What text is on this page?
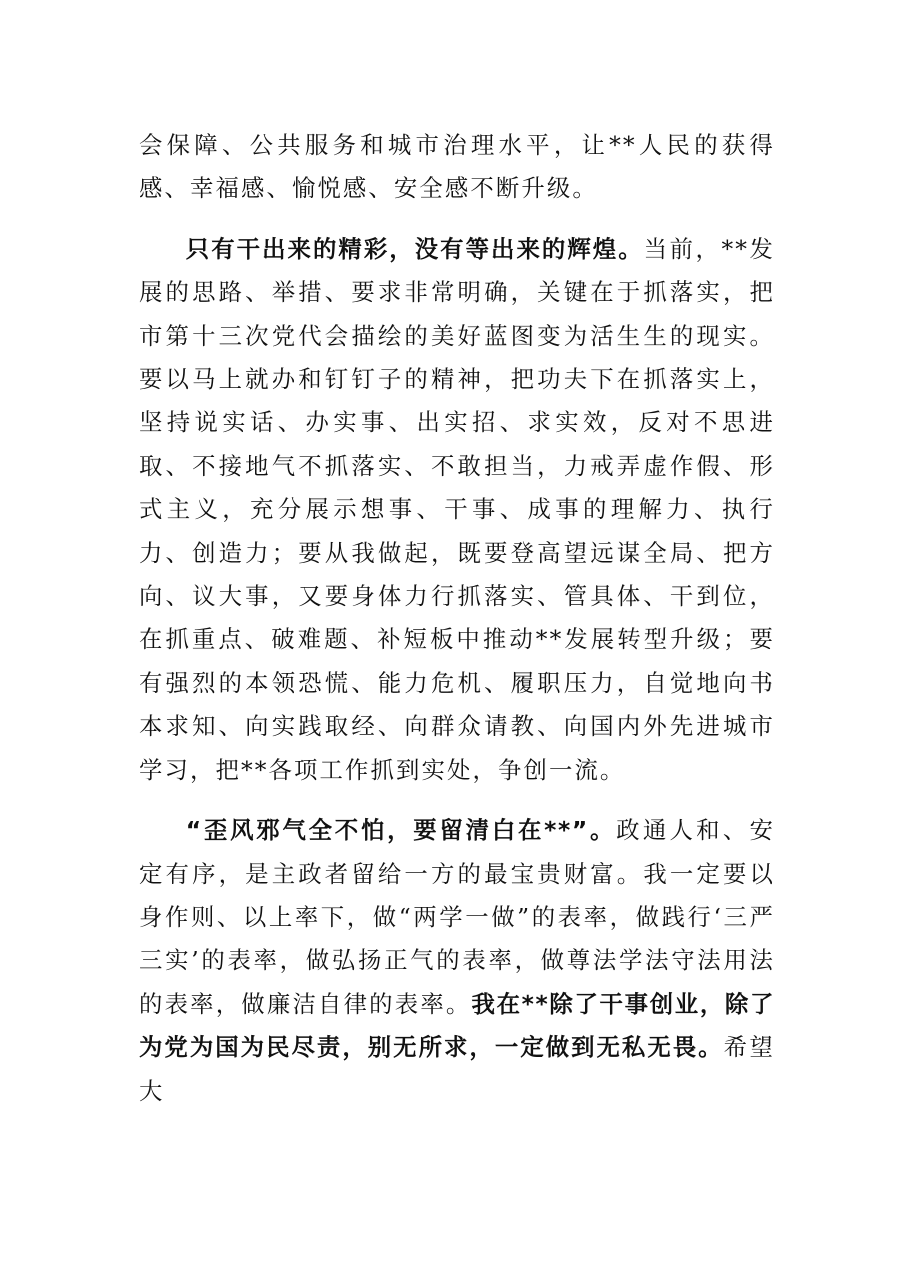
会保障、公共服务和城市治理水平，让**人民的获得感、幸福感、愉悦感、安全感不断升级。

只有干出来的精彩，没有等出来的辉煌。当前，**发展的思路、举措、要求非常明确，关键在于抓落实，把市第十三次党代会描绘的美好蓝图变为活生生的现实。要以马上就办和钉钉子的精神，把功夫下在抓落实上，坚持说实话、办实事、出实招、求实效，反对不思进取、不接地气不抓落实、不敢担当，力戒弄虚作假、形式主义，充分展示想事、干事、成事的理解力、执行力、创造力；要从我做起，既要登高望远谋全局、把方向、议大事，又要身体力行抓落实、管具体、干到位，在抓重点、破难题、补短板中推动**发展转型升级；要有强烈的本领恐慌、能力危机、履职压力，自觉地向书本求知、向实践取经、向群众请教、向国内外先进城市学习，把**各项工作抓到实处，争创一流。

“歪风邪气全不怕，要留清白在**”。政通人和、安定有序，是主政者留给一方的最宝贵财富。我一定要以身作则、以上率下，做“两学一做”的表率，做践行‘三严三实’的表率，做弘扬正气的表率，做尊法学法守法用法的表率，做廉洁自律的表率。我在**除了干事创业，除了为党为国为民尽责，别无所求，一定做到无私无畏。希望大
